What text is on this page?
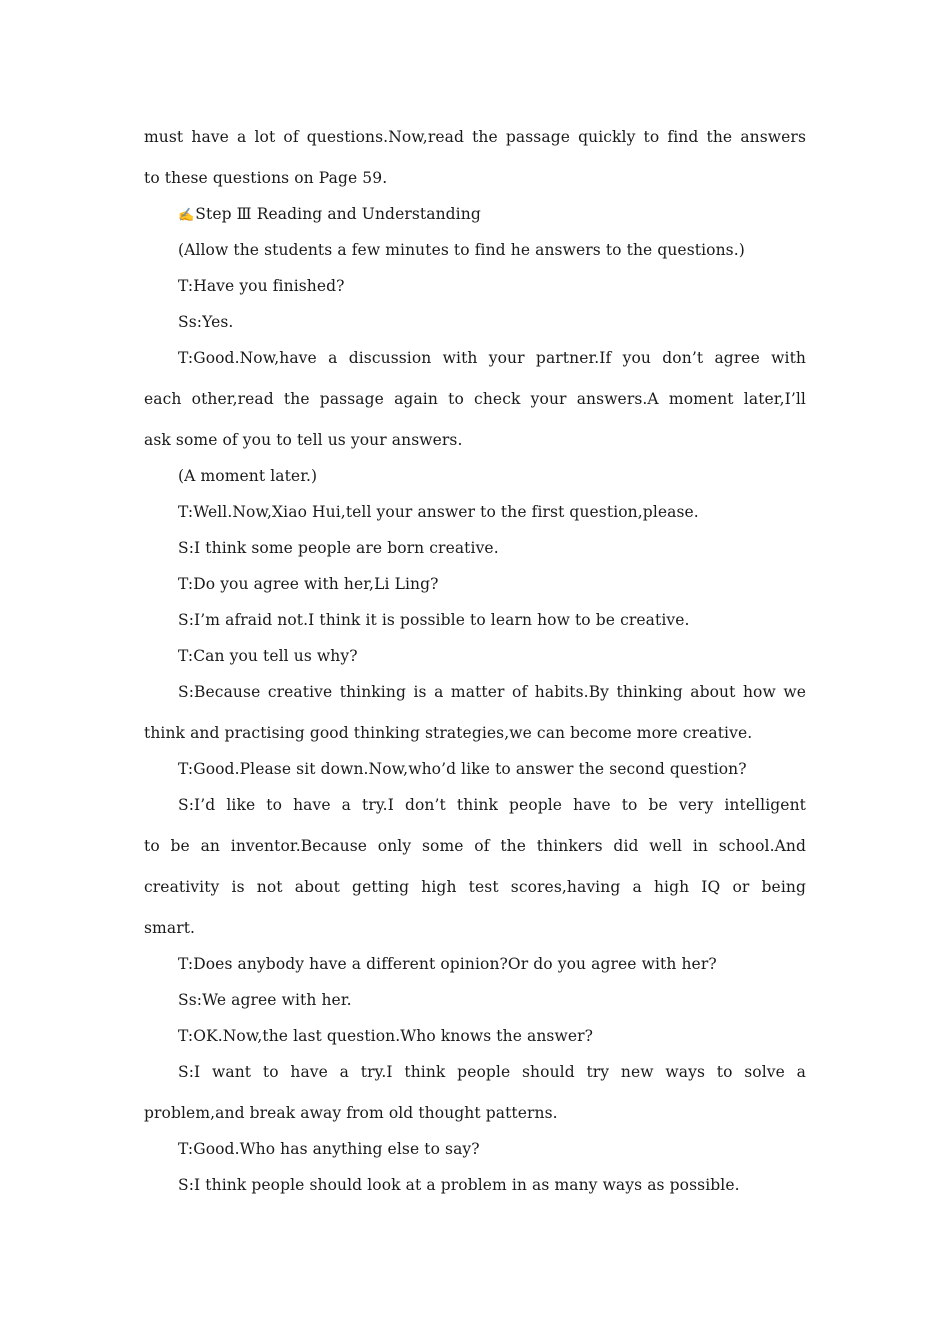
must have a lot of questions.Now,read the passage quickly to find the answers
to these questions on Page 59.
✍Step Ⅲ Reading and Understanding
(Allow the students a few minutes to find he answers to the questions.)
T:Have you finished?
Ss:Yes.
T:Good.Now,have a discussion with your partner.If you don’t agree with
each other,read the passage again to check your answers.A moment later,I’ll
ask some of you to tell us your answers.
(A moment later.)
T:Well.Now,Xiao Hui,tell your answer to the first question,please.
S:I think some people are born creative.
T:Do you agree with her,Li Ling?
S:I’m afraid not.I think it is possible to learn how to be creative.
T:Can you tell us why?
S:Because creative thinking is a matter of habits.By thinking about how we
think and practising good thinking strategies,we can become more creative.
T:Good.Please sit down.Now,who’d like to answer the second question?
S:I’d like to have a try.I don’t think people have to be very intelligent
to be an inventor.Because only some of the thinkers did well in school.And
creativity is not about getting high test scores,having a high IQ or being
smart.
T:Does anybody have a different opinion?Or do you agree with her?
Ss:We agree with her.
T:OK.Now,the last question.Who knows the answer?
S:I want to have a try.I think people should try new ways to solve a
problem,and break away from old thought patterns.
T:Good.Who has anything else to say?
S:I think people should look at a problem in as many ways as possible.
